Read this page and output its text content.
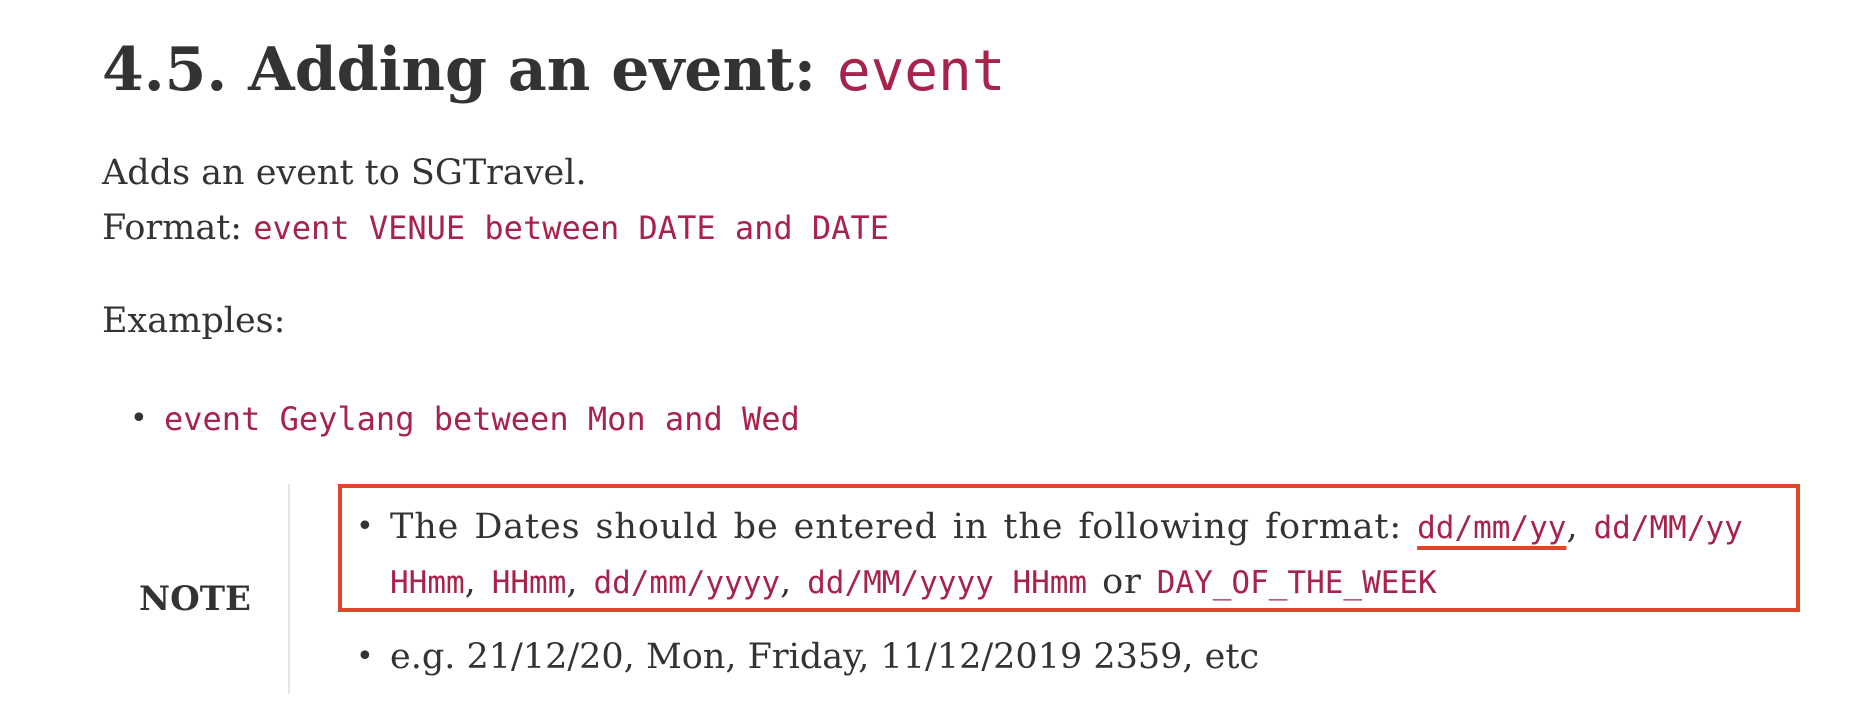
4.5. Adding an event: event

Adds an event to SGTravel.

Format: event VENUE between DATE and DATE

Examples:

• event Geylang between Mon and Wed
NOTE
• The Dates should be entered in the following format: dd/mm/yy, dd/MM/yy HHmm, HHmm, dd/mm/yyyy, dd/MM/yyyy HHmm or DAY_OF_THE_WEEK
• e.g. 21/12/20, Mon, Friday, 11/12/2019 2359, etc
